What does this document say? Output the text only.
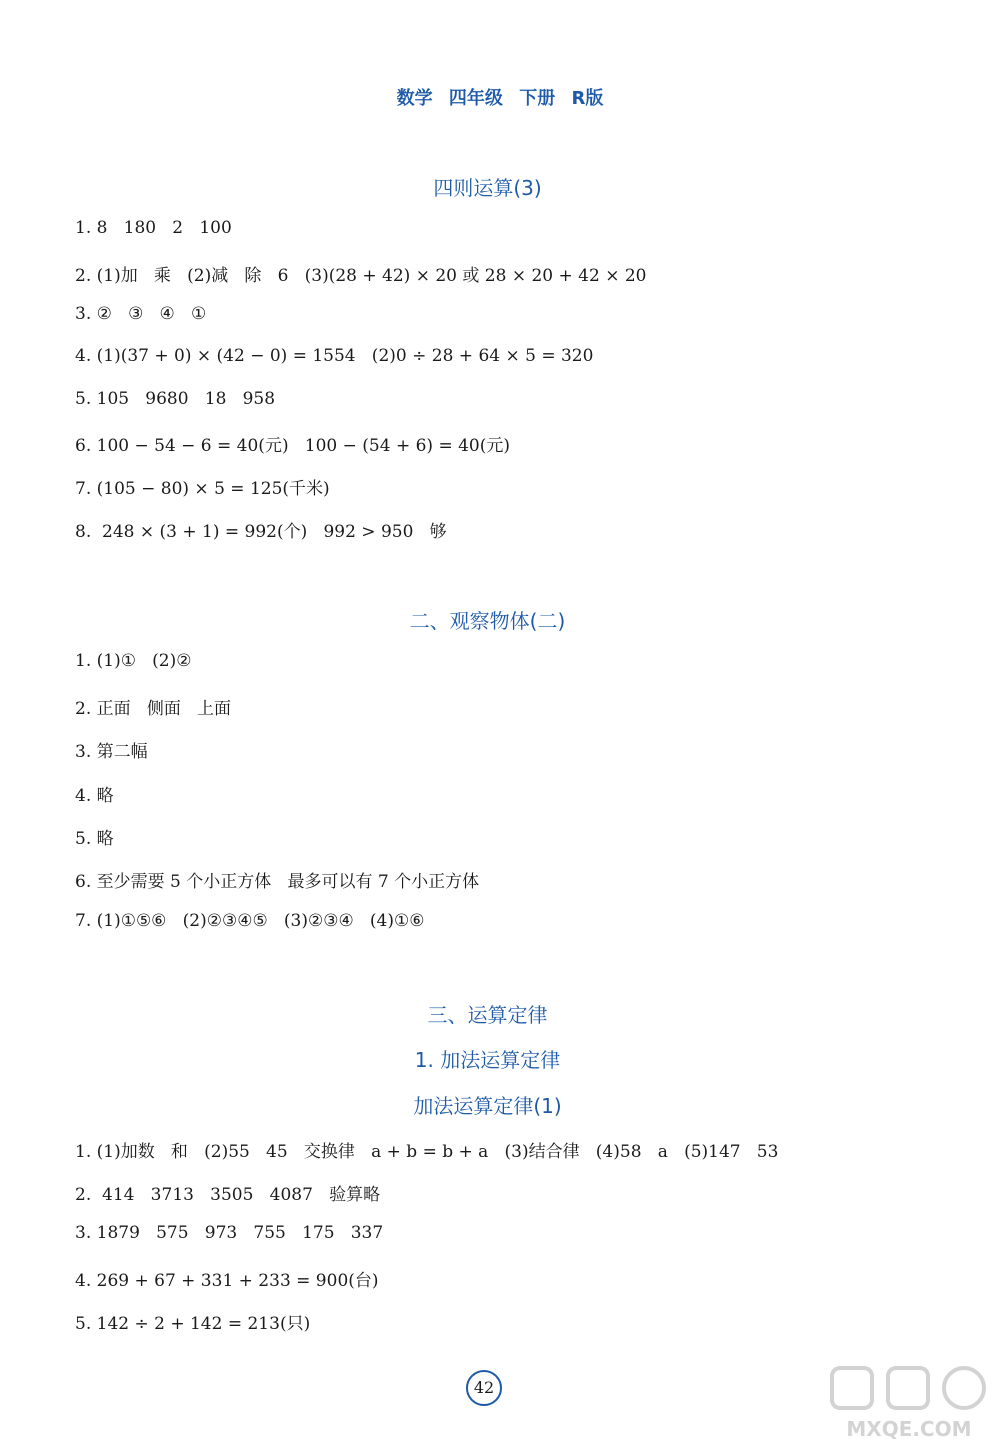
数学 四年级 下册 R版
四则运算(3)
1. 8   180   2   100
2. (1)加   乘   (2)减   除   6   (3)(28 + 42) × 20 或 28 × 20 + 42 × 20
3. ②   ③   ④   ①
4. (1)(37 + 0) × (42 − 0) = 1554   (2)0 ÷ 28 + 64 × 5 = 320
5. 105   9680   18   958
6. 100 − 54 − 6 = 40(元)   100 − (54 + 6) = 40(元)
7. (105 − 80) × 5 = 125(千米)
8.  248 × (3 + 1) = 992(个)   992 > 950   够
二、观察物体(二)
1. (1)①   (2)②
2. 正面   侧面   上面
3. 第二幅
4. 略
5. 略
6. 至少需要 5 个小正方体   最多可以有 7 个小正方体
7. (1)①⑤⑥   (2)②③④⑤   (3)②③④   (4)①⑥
三、运算定律
1. 加法运算定律
加法运算定律(1)
1. (1)加数   和   (2)55   45   交换律   a + b = b + a   (3)结合律   (4)58   a   (5)147   53
2.  414   3713   3505   4087   验算略
3. 1879   575   973   755   175   337
4. 269 + 67 + 331 + 233 = 900(台)
5. 142 ÷ 2 + 142 = 213(只)
42
MXQE.COM
